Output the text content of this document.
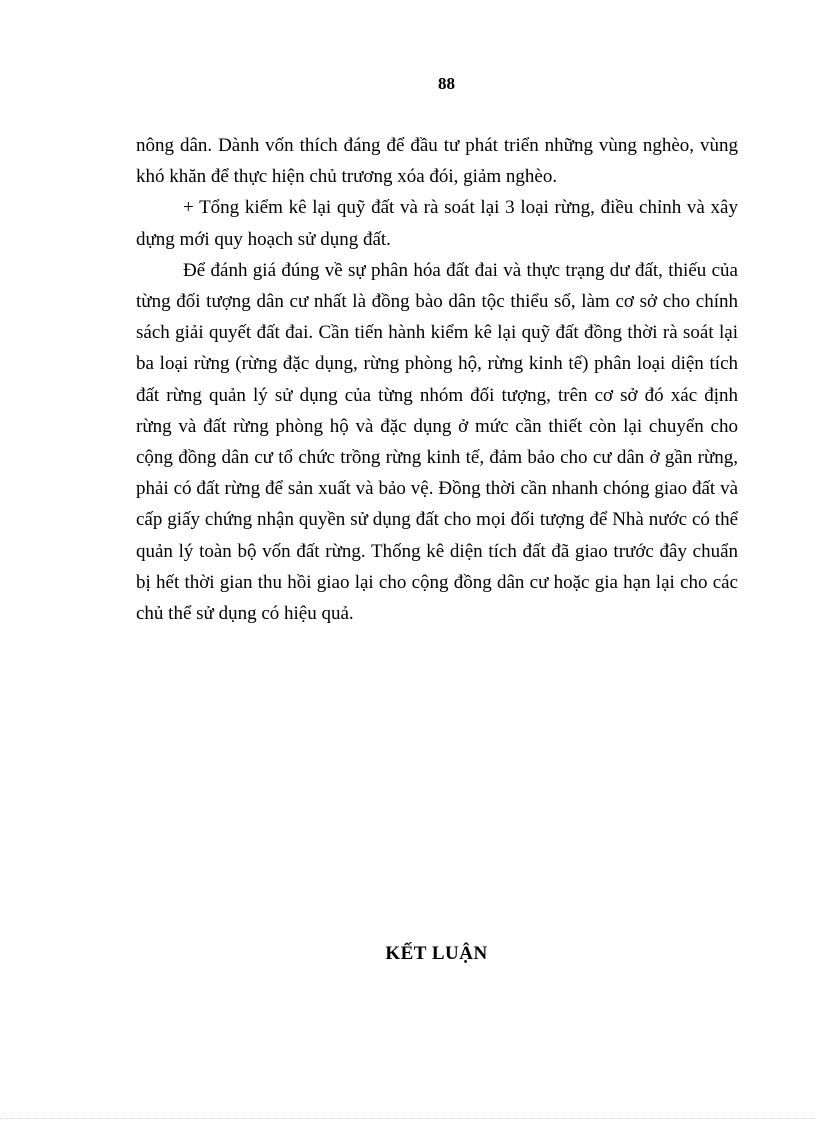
88

nông dân. Dành vốn thích đáng để đầu tư phát triển những vùng nghèo, vùng khó khăn để thực hiện chủ trương xóa đói, giảm nghèo.

+ Tổng kiểm kê lại quỹ đất và rà soát lại 3 loại rừng, điều chỉnh và xây dựng mới quy hoạch sử dụng đất.

Để đánh giá đúng về sự phân hóa đất đai và thực trạng dư đất, thiếu của từng đối tượng dân cư nhất là đồng bào dân tộc thiểu số, làm cơ sở cho chính sách giải quyết đất đai. Cần tiến hành kiểm kê lại quỹ đất đồng thời rà soát lại ba loại rừng (rừng đặc dụng, rừng phòng hộ, rừng kinh tế) phân loại diện tích đất rừng quản lý sử dụng của từng nhóm đối tượng, trên cơ sở đó xác định rừng và đất rừng phòng hộ và đặc dụng ở mức cần thiết còn lại chuyển cho cộng đồng dân cư tổ chức trồng rừng kinh tế, đảm bảo cho cư dân ở gần rừng, phải có đất rừng để sản xuất và bảo vệ. Đồng thời cần nhanh chóng giao đất và cấp giấy chứng nhận quyền sử dụng đất cho mọi đối tượng để Nhà nước có thể quản lý toàn bộ vốn đất rừng. Thống kê diện tích đất đã giao trước đây chuẩn bị hết thời gian thu hồi giao lại cho cộng đồng dân cư hoặc gia hạn lại cho các chủ thể sử dụng có hiệu quả.

KẾT LUẬN
